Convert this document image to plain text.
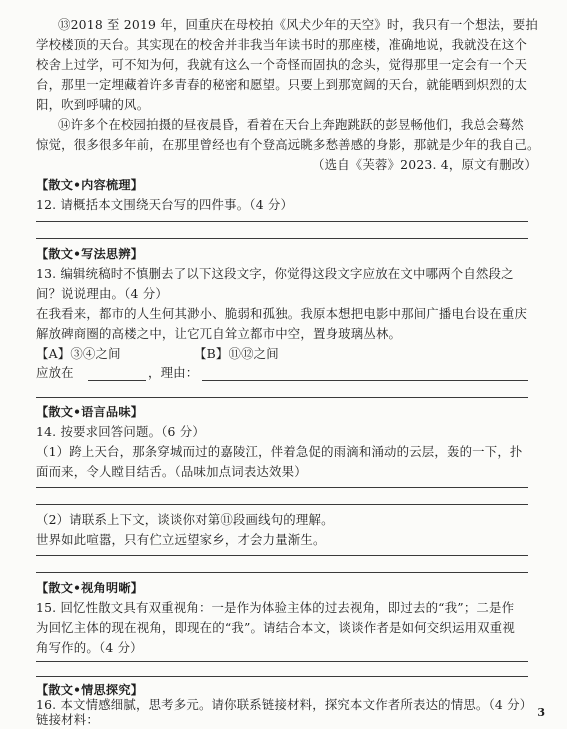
⑬2018 至 2019 年，回重庆在母校拍《风犬少年的天空》时，我只有一个想法，要拍
学校楼顶的天台。其实现在的校舍并非我当年读书时的那座楼，准确地说，我就没在这个
校舍上过学，可不知为何，我就有这么一个奇怪而固执的念头，觉得那里一定会有一个天
台，那里一定埋藏着许多青春的秘密和愿望。只要上到那宽阔的天台，就能晒到炽烈的太
阳，吹到呼啸的风。
⑭许多个在校园拍摄的昼夜晨昏，看着在天台上奔跑跳跃的彭昱畅他们，我总会蓦然
惊觉，很多很多年前，在那里曾经也有个登高远眺多愁善感的身影，那就是少年的我自己。
（选自《芙蓉》2023. 4，原文有删改）
【散文•内容梳理】
12. 请概括本文围绕天台写的四件事。（4 分）
【散文•写法思辨】
13. 编辑统稿时不慎删去了以下这段文字，你觉得这段文字应放在文中哪两个自然段之
间？说说理由。（4 分）
在我看来，都市的人生何其渺小、脆弱和孤独。我原本想把电影中那间广播电台设在重庆
解放碑商圈的高楼之中，让它兀自耸立都市中空，置身玻璃丛林。
【A】③④之间	【B】⑪⑫之间
应放在	，理由：
【散文•语言品味】
14. 按要求回答问题。（6 分）
（1）跨上天台，那条穿城而过的嘉陵江，伴着急促的雨滴和涌动的云层，轰的一下，扑
面而来，令人瞠目结舌。（品味加点词表达效果）
（2）请联系上下文，谈谈你对第⑪段画线句的理解。
世界如此喧嚣，只有伫立远望家乡，才会力量渐生。
【散文•视角明晰】
15. 回忆性散文具有双重视角：一是作为体验主体的过去视角，即过去的“我”；二是作
为回忆主体的现在视角，即现在的“我”。请结合本文，谈谈作者是如何交织运用双重视
角写作的。（4 分）
【散文•情思探究】
16. 本文情感细腻，思考多元。请你联系链接材料，探究本文作者所表达的情思。（4 分）
链接材料：	3
